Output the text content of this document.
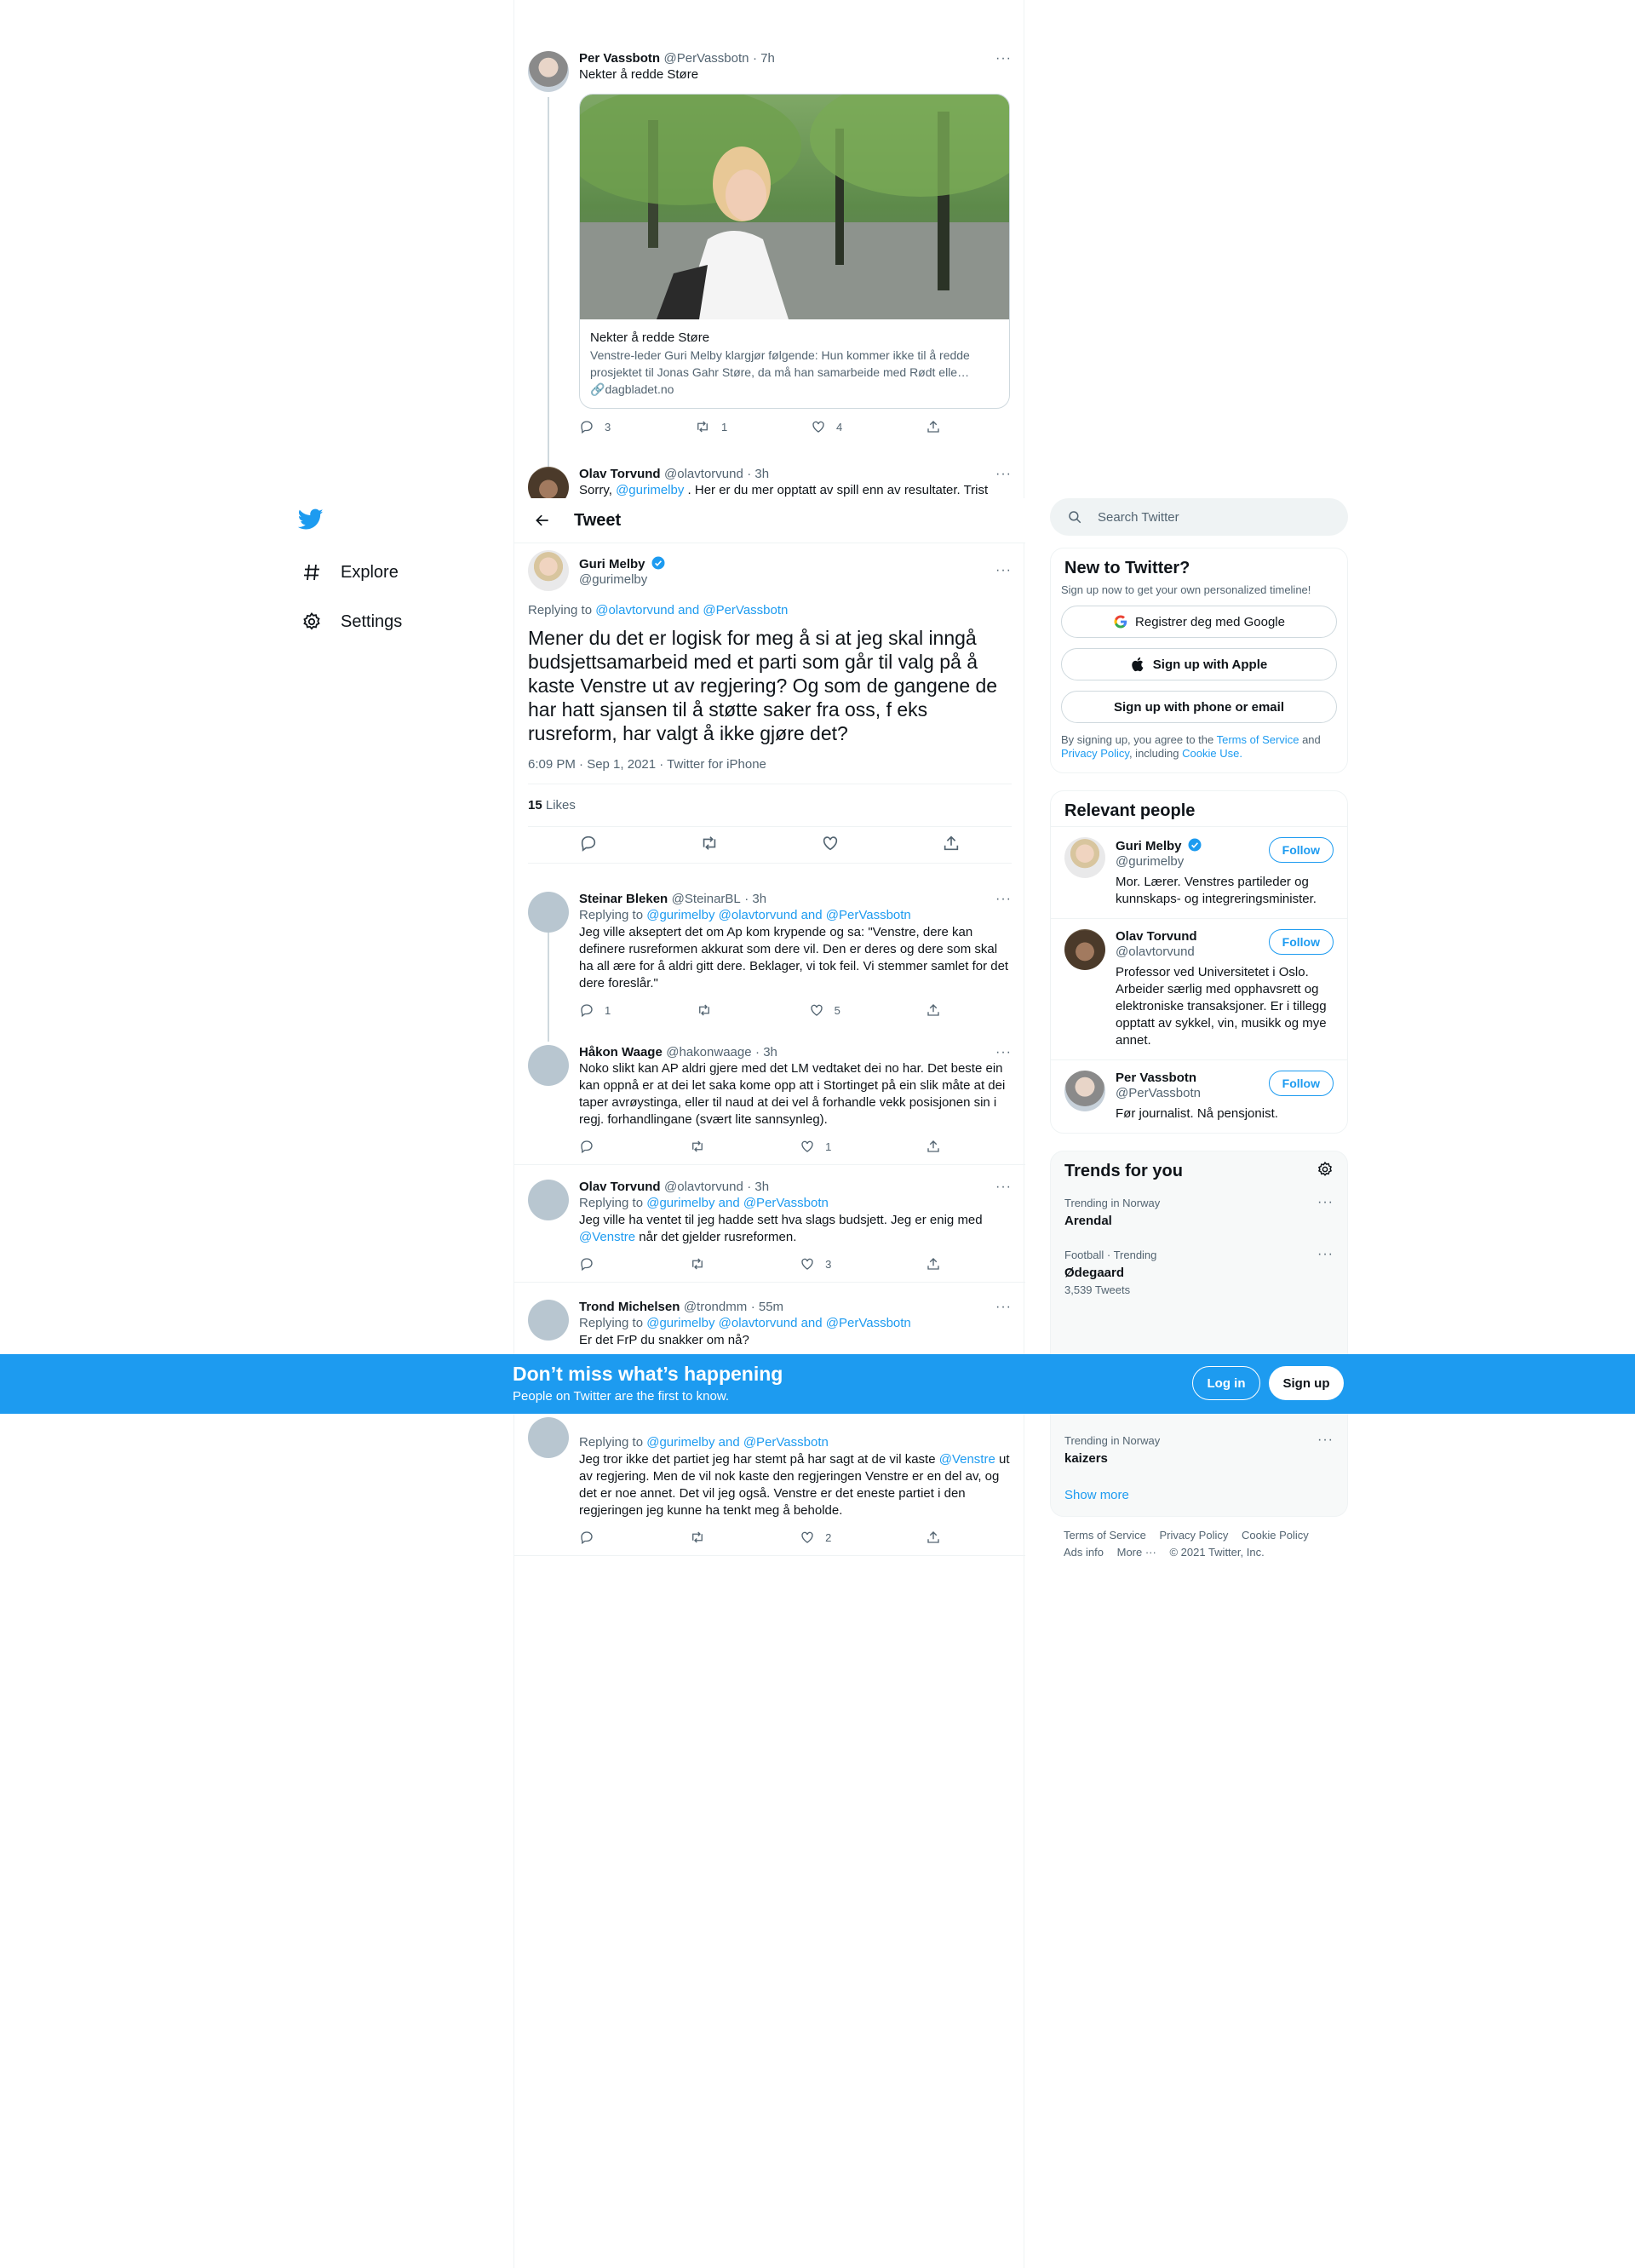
Explore
Settings
Per Vassbotn @PerVassbotn · 7h	···
Nekter å redde Støre
Nekter å redde Støre
Venstre-leder Guri Melby klargjør følgende: Hun kommer ikke til å redde prosjektet til Jonas Gahr Støre, da må han samarbeide med Rødt elle…
🔗dagbladet.no
3	1	4
Olav Torvund @olavtorvund · 3h	···
Sorry, @gurimelby . Her er du mer opptatt av spill enn av resultater. Trist
Tweet
Guri Melby
@gurimelby
···
Replying to @olavtorvund and @PerVassbotn
Mener du det er logisk for meg å si at jeg skal inngå budsjettsamarbeid med et parti som går til valg på å kaste Venstre ut av regjering? Og som de gangene de har hatt sjansen til å støtte saker fra oss, f eks rusreform, har valgt å ikke gjøre det?
6:09 PM · Sep 1, 2021 · Twitter for iPhone
15 Likes
Steinar Bleken @SteinarBL · 3h	···
Replying to @gurimelby @olavtorvund and @PerVassbotn
Jeg ville akseptert det om Ap kom krypende og sa: "Venstre, dere kan definere rusreformen akkurat som dere vil. Den er deres og dere som skal ha all ære for å aldri gitt dere. Beklager, vi tok feil. Vi stemmer samlet for det dere foreslår."
1	5
Håkon Waage @hakonwaage · 3h	···
Noko slikt kan AP aldri gjere med det LM vedtaket dei no har. Det beste ein kan oppnå er at dei let saka kome opp att i Stortinget på ein slik måte at dei taper avrøystinga, eller til naud at dei vel å forhandle vekk posisjonen sin i regj. forhandlingane (svært lite sannsynleg).
1
Olav Torvund @olavtorvund · 3h	···
Replying to @gurimelby and @PerVassbotn
Jeg ville ha ventet til jeg hadde sett hva slags budsjett. Jeg er enig med @Venstre når det gjelder rusreformen.
3
Trond Michelsen @trondmm · 55m	···
Replying to @gurimelby @olavtorvund and @PerVassbotn
Er det FrP du snakker om nå?
Replying to @gurimelby and @PerVassbotn
Jeg tror ikke det partiet jeg har stemt på har sagt at de vil kaste @Venstre ut av regjering. Men de vil nok kaste den regjeringen Venstre er en del av, og det er noe annet. Det vil jeg også. Venstre er det eneste partiet i den regjeringen jeg kunne ha tenkt meg å beholde.
2
Search Twitter
New to Twitter?
Sign up now to get your own personalized timeline!
Registrer deg med Google
Sign up with Apple
Sign up with phone or email
By signing up, you agree to the Terms of Service and Privacy Policy, including Cookie Use.
Relevant people
Guri Melby
@gurimelby
Follow
Mor. Lærer. Venstres partileder og kunnskaps- og integreringsminister.
Olav Torvund
@olavtorvund
Follow
Professor ved Universitetet i Oslo. Arbeider særlig med opphavsrett og elektroniske transaksjoner. Er i tillegg opptatt av sykkel, vin, musikk og mye annet.
Per Vassbotn
@PerVassbotn
Follow
Før journalist. Nå pensjonist.
Trends for you
Trending in Norway
Arendal
···
Football · Trending
Ødegaard
3,539 Tweets
···
Trending in Norway
kaizers
···
Show more
Terms of Service Privacy Policy Cookie Policy
Ads info More ··· © 2021 Twitter, Inc.
Don’t miss what’s happening
People on Twitter are the first to know.
Log in	Sign up
